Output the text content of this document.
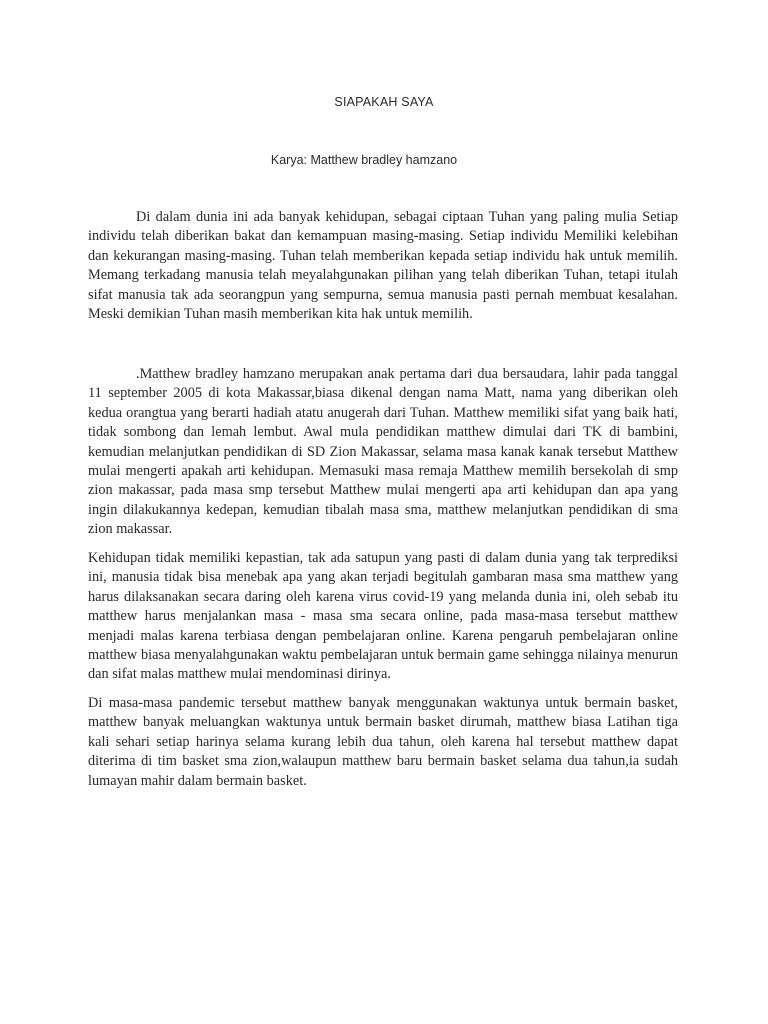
SIAPAKAH SAYA
Karya: Matthew bradley hamzano

Di dalam dunia ini ada banyak kehidupan, sebagai ciptaan Tuhan yang paling mulia Setiap individu telah diberikan bakat dan kemampuan masing-masing. Setiap individu Memiliki kelebihan dan kekurangan masing-masing. Tuhan telah memberikan kepada setiap individu hak untuk memilih. Memang terkadang manusia telah meyalahgunakan pilihan yang telah diberikan Tuhan, tetapi itulah sifat manusia tak ada seorangpun yang sempurna, semua manusia pasti pernah membuat kesalahan. Meski demikian Tuhan masih memberikan kita hak untuk memilih.

.Matthew bradley hamzano merupakan anak pertama dari dua bersaudara, lahir pada tanggal 11 september 2005 di kota Makassar,biasa dikenal dengan nama Matt, nama yang diberikan oleh kedua orangtua yang berarti hadiah atatu anugerah dari Tuhan. Matthew memiliki sifat yang baik hati, tidak sombong dan lemah lembut. Awal mula pendidikan matthew dimulai dari TK di bambini, kemudian melanjutkan pendidikan di SD Zion Makassar, selama masa kanak kanak tersebut Matthew mulai mengerti apakah arti kehidupan. Memasuki masa remaja Matthew memilih bersekolah di smp zion makassar, pada masa smp tersebut Matthew mulai mengerti apa arti kehidupan dan apa yang ingin dilakukannya kedepan, kemudian tibalah masa sma, matthew melanjutkan pendidikan di sma zion makassar.

Kehidupan tidak memiliki kepastian, tak ada satupun yang pasti di dalam dunia yang tak terprediksi ini, manusia tidak bisa menebak apa yang akan terjadi begitulah gambaran masa sma matthew yang harus dilaksanakan secara daring oleh karena virus covid-19 yang melanda dunia ini, oleh sebab itu matthew harus menjalankan masa - masa sma secara online, pada masa-masa tersebut matthew menjadi malas karena terbiasa dengan pembelajaran online. Karena pengaruh pembelajaran online matthew biasa menyalahgunakan waktu pembelajaran untuk bermain game sehingga nilainya menurun dan sifat malas matthew mulai mendominasi dirinya.

Di masa-masa pandemic tersebut matthew banyak menggunakan waktunya untuk bermain basket, matthew banyak meluangkan waktunya untuk bermain basket dirumah, matthew biasa Latihan tiga kali sehari setiap harinya selama kurang lebih dua tahun, oleh karena hal tersebut matthew dapat diterima di tim basket sma zion,walaupun matthew baru bermain basket selama dua tahun,ia sudah lumayan mahir dalam bermain basket.
